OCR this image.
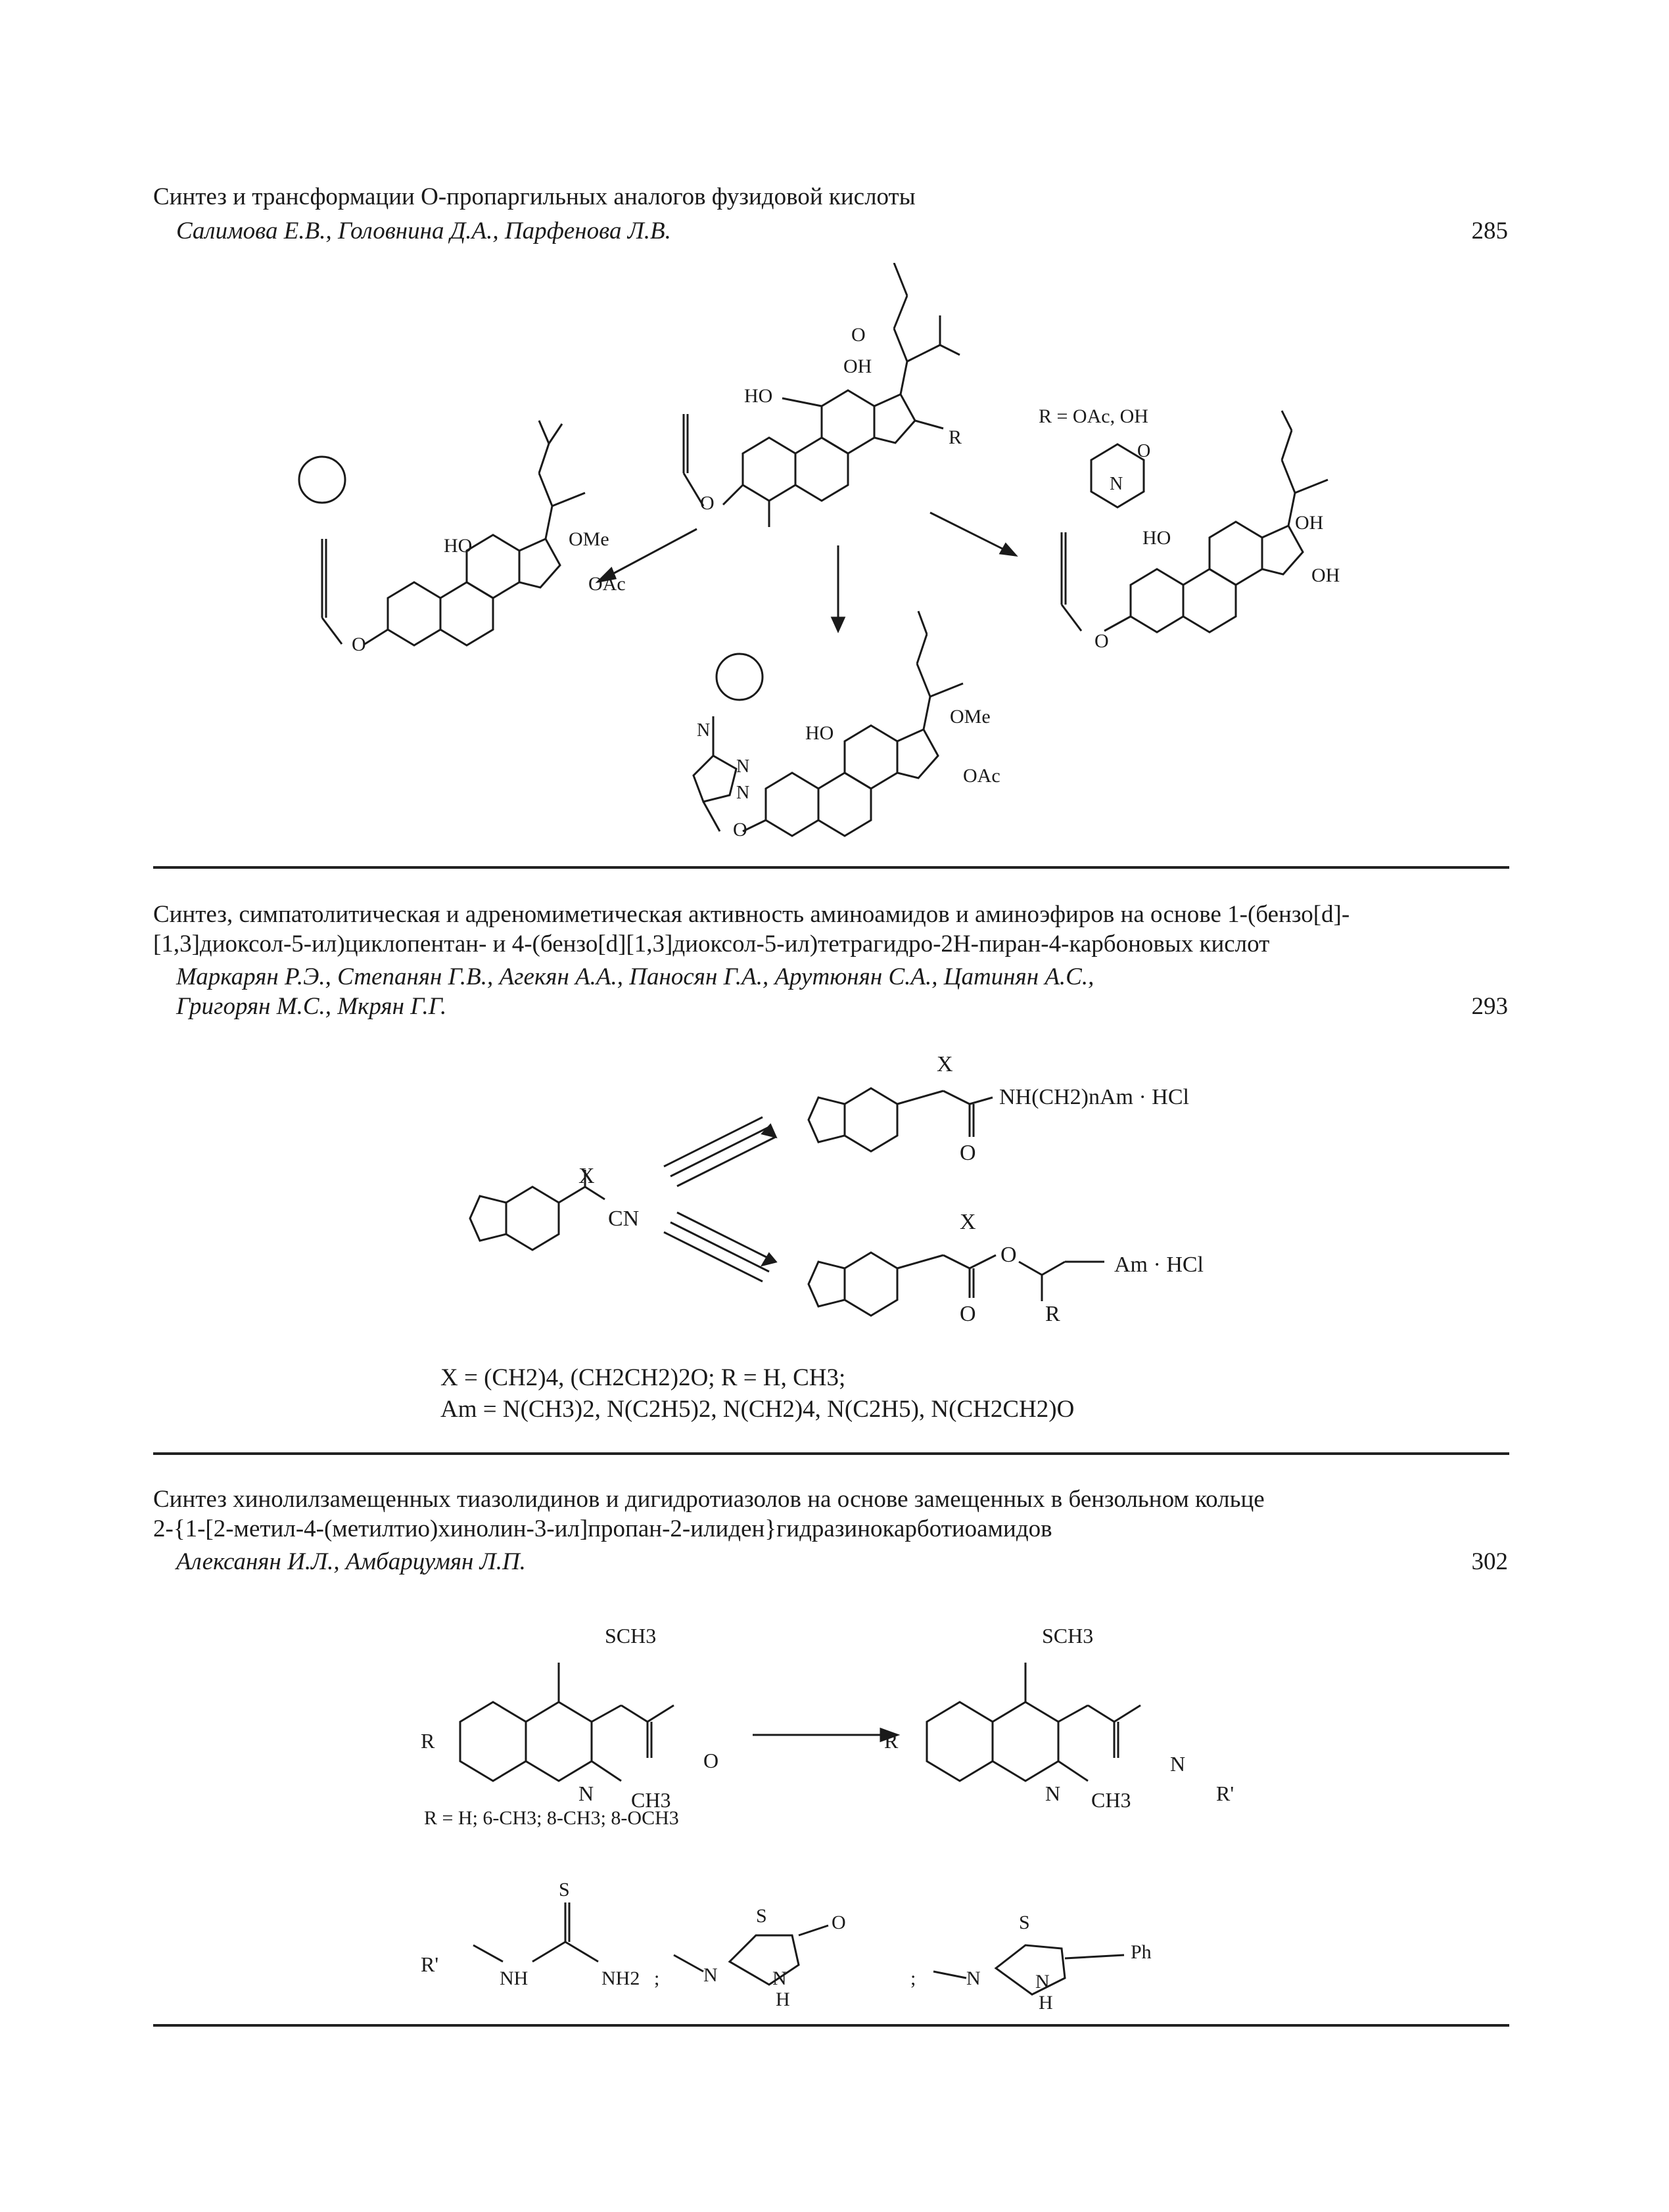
Синтез и трансформации O-пропаргильных аналогов фузидовой кислоты
Салимова Е.В., Головнина Д.А., Парфенова Л.В.	285
OH
O
HO
R
O
R = OAc, OH
OMe
HO
OAc
O
OMe
HO
OAc
N
N
N
O
OH
HO
OH
N
O
O
Синтез, симпатолитическая и адреномиметическая активность аминоамидов и аминоэфиров на основе 1-(бензо[d]-
[1,3]диоксол-5-ил)циклопентан- и 4-(бензо[d][1,3]диоксол-5-ил)тетрагидро-2H-пиран-4-карбоновых кислот
Маркарян Р.Э., Степанян Г.В., Агекян А.А., Паносян Г.А., Арутюнян С.А., Цатинян А.С.,
Григорян М.С., Мкрян Г.Г.	293
X
CN
X
NH(CH2)nAm · HCl
O
X
O
O	R
Am · HCl
X = (CH2)4, (CH2CH2)2O; R = H, CH3;
Am = N(CH3)2, N(C2H5)2, N(CH2)4, N(C2H5), N(CH2CH2)O
Синтез хинолилзамещенных тиазолидинов и дигидротиазолов на основе замещенных в бензольном кольце
2-{1-[2-метил-4-(метилтио)хинолин-3-ил]пропан-2-илиден}гидразинокарботиоамидов
Алексанян И.Л., Амбарцумян Л.П.	302
SCH3
R
N CH3
O
SCH3
R
N CH3
N
R'
R'
S
NH	NH2 ; N
S	O
N
H
;	N
S
N
H
Ph
R = H; 6-CH3; 8-CH3; 8-OCH3
